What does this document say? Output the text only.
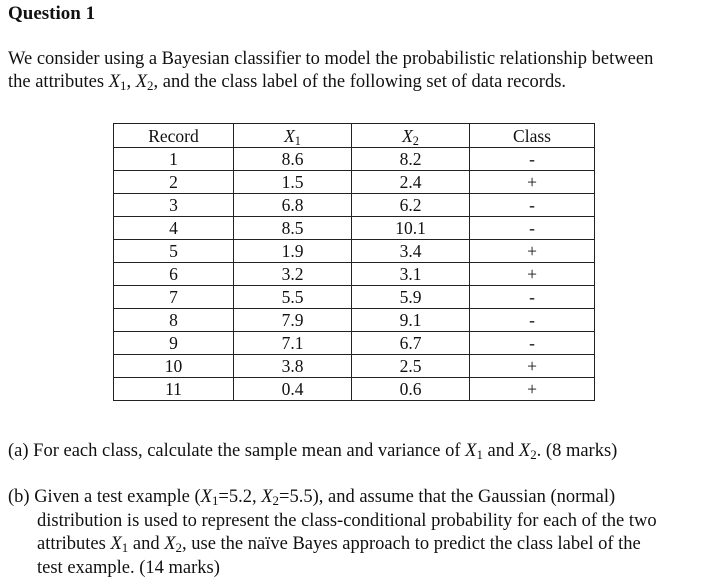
Question 1

We consider using a Bayesian classifier to model the probabilistic relationship between
the attributes $X_1$, $X_2$, and the class label of the following set of data records.

Record	$X_1$	$X_2$	Class
1	8.6	8.2	-
2	1.5	2.4	+
3	6.8	6.2	-
4	8.5	10.1	-
5	1.9	3.4	+
6	3.2	3.1	+
7	5.5	5.9	-
8	7.9	9.1	-
9	7.1	6.7	-
10	3.8	2.5	+
11	0.4	0.6	+

(a) For each class, calculate the sample mean and variance of $X_1$ and $X_2$. (8 marks)

(b) Given a test example ($X_1=5.2$, $X_2=5.5$), and assume that the Gaussian (normal)
distribution is used to represent the class-conditional probability for each of the two
attributes $X_1$ and $X_2$, use the naïve Bayes approach to predict the class label of the
test example. (14 marks)
